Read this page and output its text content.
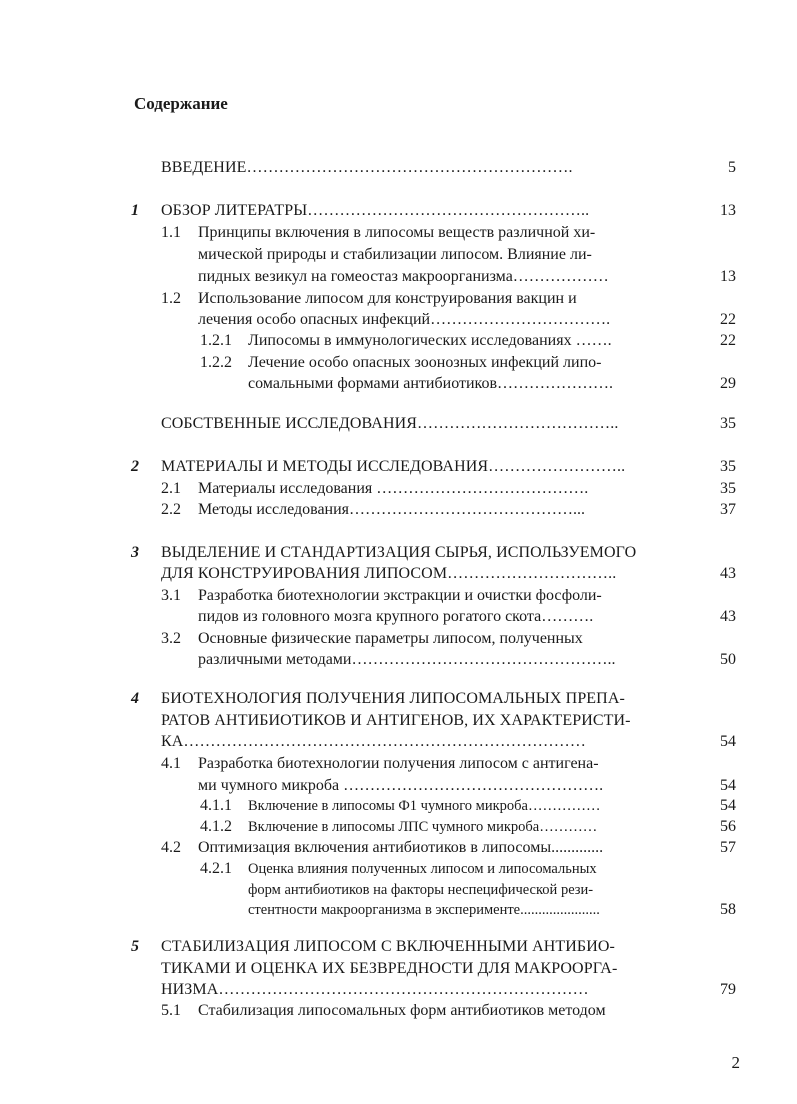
Содержание
ВВЕДЕНИЕ…………………………………………………….	5
1 ОБЗОР ЛИТЕРАТРЫ……………………………………………..	13
1.1 Принципы включения в липосомы веществ различной хи-
мической природы и стабилизации липосом. Влияние ли-
пидных везикул на гомеостаз макроорганизма………………	13
1.2 Использование липосом для конструирования вакцин и
лечения особо опасных инфекций…………………………….	22
1.2.1 Липосомы в иммунологических исследованиях …….	22
1.2.2 Лечение особо опасных зоонозных инфекций липо-
сомальными формами антибиотиков………………….	29
СОБСТВЕННЫЕ ИССЛЕДОВАНИЯ………………………………..	35
2 МАТЕРИАЛЫ И МЕТОДЫ ИССЛЕДОВАНИЯ……………………..	35
2.1 Материалы исследования ………………………………….	35
2.2 Методы исследования……………………………………...	37
3 ВЫДЕЛЕНИЕ И СТАНДАРТИЗАЦИЯ СЫРЬЯ, ИСПОЛЬЗУЕМОГО
ДЛЯ КОНСТРУИРОВАНИЯ ЛИПОСОМ…………………………..	43
3.1 Разработка биотехнологии экстракции и очистки фосфоли-
пидов из головного мозга крупного рогатого скота……….	43
3.2 Основные физические параметры липосом, полученных
различными методами…………………………………………..	50
4 БИОТЕХНОЛОГИЯ ПОЛУЧЕНИЯ ЛИПОСОМАЛЬНЫХ ПРЕПА-
РАТОВ АНТИБИОТИКОВ И АНТИГЕНОВ, ИХ ХАРАКТЕРИСТИ-
КА…………………………………………………………………	54
4.1 Разработка биотехнологии получения липосом с антигена-
ми чумного микроба ………………………………………….	54
4.1.1 Включение в липосомы Ф1 чумного микроба……………	54
4.1.2 Включение в липосомы ЛПС чумного микроба…………	56
4.2 Оптимизация включения антибиотиков в липосомы.............	57
4.2.1 Оценка влияния полученных липосом и липосомальных
форм антибиотиков на факторы неспецифической рези-
стентности макроорганизма в эксперименте......................	58
5 СТАБИЛИЗАЦИЯ ЛИПОСОМ С ВКЛЮЧЕННЫМИ АНТИБИО-
ТИКАМИ И ОЦЕНКА ИХ БЕЗВРЕДНОСТИ ДЛЯ МАКРООРГА-
НИЗМА……………………………………………………………	79
5.1 Стабилизация липосомальных форм антибиотиков методом
2
